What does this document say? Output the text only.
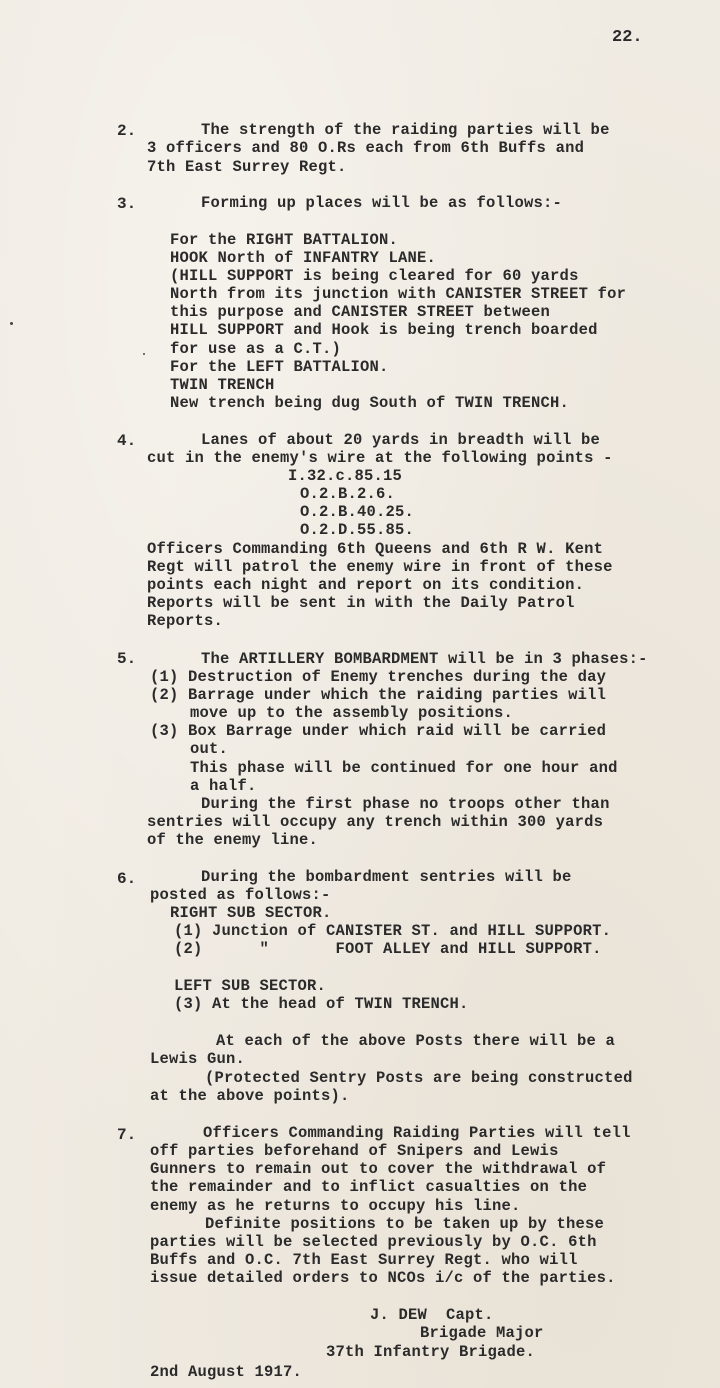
22.
2.	The strength of the raiding parties will be
3 officers and 80 O.Rs each from 6th Buffs and
7th East Surrey Regt.
3.	Forming up places will be as follows:-
For the RIGHT BATTALION.
HOOK North of INFANTRY LANE.
(HILL SUPPORT is being cleared for 60 yards
North from its junction with CANISTER STREET for
this purpose and CANISTER STREET between
HILL SUPPORT and Hook is being trench boarded
for use as a C.T.)
For the LEFT BATTALION.
TWIN TRENCH
New trench being dug South of TWIN TRENCH.
4.	Lanes of about 20 yards in breadth will be
cut in the enemy's wire at the following points -
I.32.c.85.15
O.2.B.2.6.
O.2.B.40.25.
O.2.D.55.85.
Officers Commanding 6th Queens and 6th R W. Kent
Regt will patrol the enemy wire in front of these
points each night and report on its condition.
Reports will be sent in with the Daily Patrol
Reports.
5.	The ARTILLERY BOMBARDMENT will be in 3 phases:-
(1) Destruction of Enemy trenches during the day
(2) Barrage under which the raiding parties will
move up to the assembly positions.
(3) Box Barrage under which raid will be carried
out.
This phase will be continued for one hour and
a half.
During the first phase no troops other than
sentries will occupy any trench within 300 yards
of the enemy line.
6.	During the bombardment sentries will be
posted as follows:-
RIGHT SUB SECTOR.
(1) Junction of CANISTER ST. and HILL SUPPORT.
(2)      "       FOOT ALLEY and HILL SUPPORT.
LEFT SUB SECTOR.
(3) At the head of TWIN TRENCH.
At each of the above Posts there will be a
Lewis Gun.
(Protected Sentry Posts are being constructed
at the above points).
7.	Officers Commanding Raiding Parties will tell
off parties beforehand of Snipers and Lewis
Gunners to remain out to cover the withdrawal of
the remainder and to inflict casualties on the
enemy as he returns to occupy his line.
Definite positions to be taken up by these
parties will be selected previously by O.C. 6th
Buffs and O.C. 7th East Surrey Regt. who will
issue detailed orders to NCOs i/c of the parties.
J. DEW  Capt.
Brigade Major
37th Infantry Brigade.
2nd August 1917.
